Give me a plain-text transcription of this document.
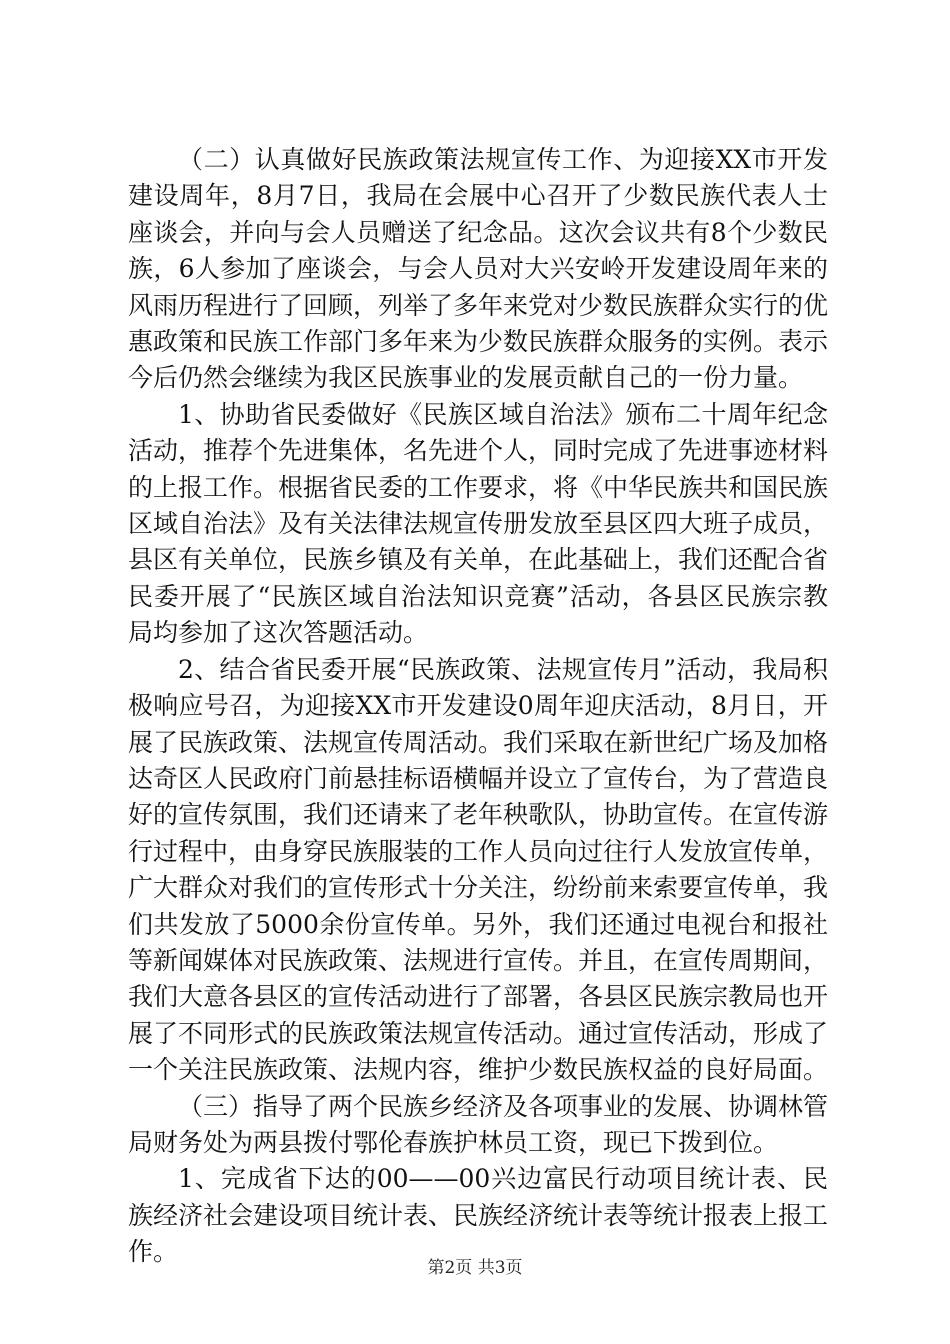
（二）认真做好民族政策法规宣传工作、为迎接XX市开发建设周年，8月7日，我局在会展中心召开了少数民族代表人士座谈会，并向与会人员赠送了纪念品。这次会议共有8个少数民族，6人参加了座谈会，与会人员对大兴安岭开发建设周年来的风雨历程进行了回顾，列举了多年来党对少数民族群众实行的优惠政策和民族工作部门多年来为少数民族群众服务的实例。表示今后仍然会继续为我区民族事业的发展贡献自己的一份力量。

1、协助省民委做好《民族区域自治法》颁布二十周年纪念活动，推荐个先进集体，名先进个人，同时完成了先进事迹材料的上报工作。根据省民委的工作要求，将《中华民族共和国民族区域自治法》及有关法律法规宣传册发放至县区四大班子成员，县区有关单位，民族乡镇及有关单，在此基础上，我们还配合省民委开展了“民族区域自治法知识竞赛”活动，各县区民族宗教局均参加了这次答题活动。

2、结合省民委开展“民族政策、法规宣传月”活动，我局积极响应号召，为迎接XX市开发建设0周年迎庆活动，8月日，开展了民族政策、法规宣传周活动。我们采取在新世纪广场及加格达奇区人民政府门前悬挂标语横幅并设立了宣传台，为了营造良好的宣传氛围，我们还请来了老年秧歌队，协助宣传。在宣传游行过程中，由身穿民族服装的工作人员向过往行人发放宣传单，广大群众对我们的宣传形式十分关注，纷纷前来索要宣传单，我们共发放了5000余份宣传单。另外，我们还通过电视台和报社等新闻媒体对民族政策、法规进行宣传。并且，在宣传周期间，我们大意各县区的宣传活动进行了部署，各县区民族宗教局也开展了不同形式的民族政策法规宣传活动。通过宣传活动，形成了一个关注民族政策、法规内容，维护少数民族权益的良好局面。

（三）指导了两个民族乡经济及各项事业的发展、协调林管局财务处为两县拨付鄂伦春族护林员工资，现已下拨到位。

1、完成省下达的00——00兴边富民行动项目统计表、民族经济社会建设项目统计表、民族经济统计表等统计报表上报工作。

第2页 共3页
